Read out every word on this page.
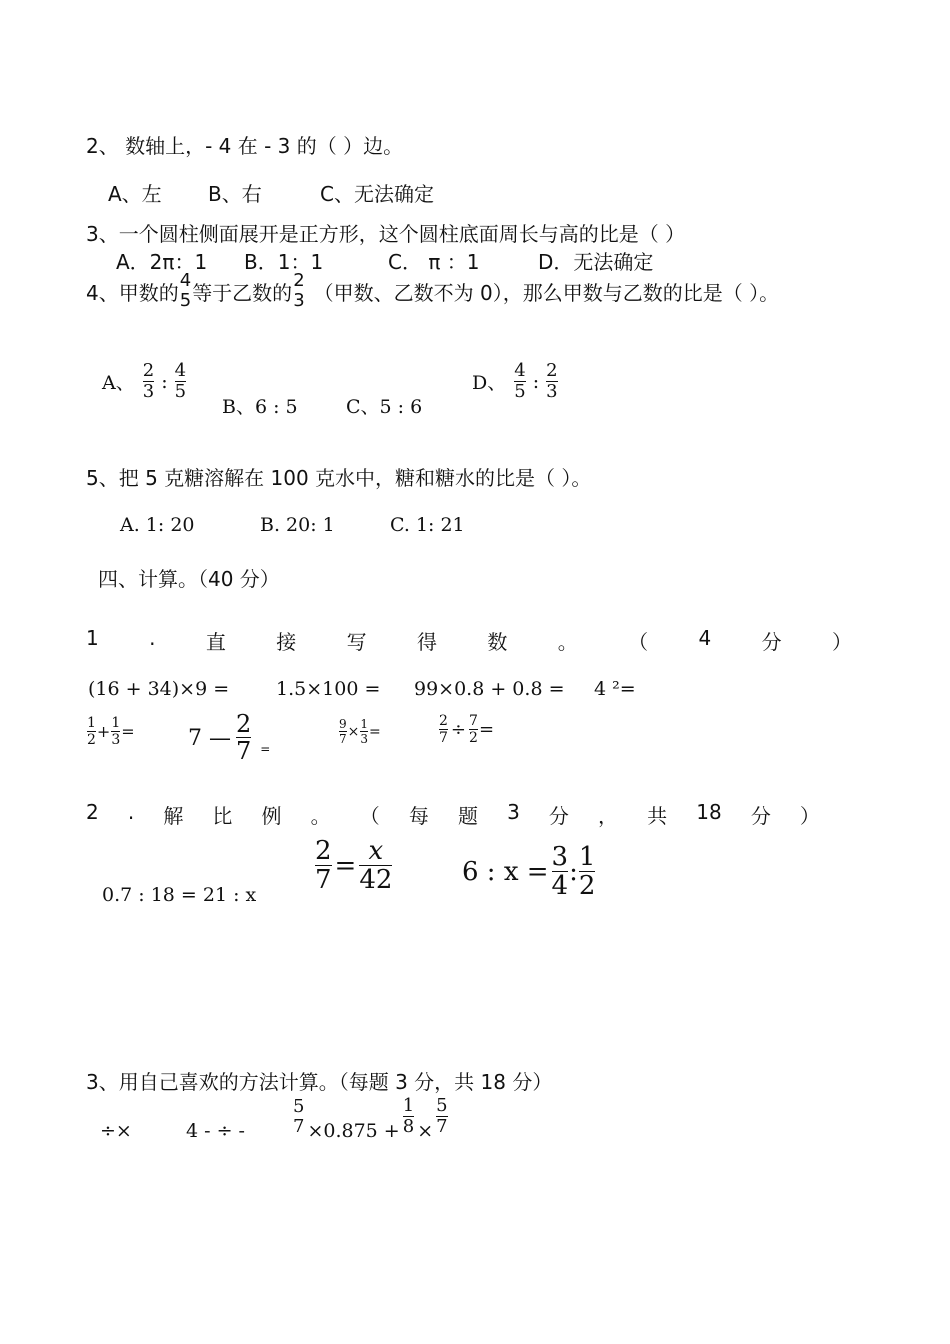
2、 数轴上，- 4 在 - 3 的（ ）边。
A、左 B、右	C、无法确定
3、一个圆柱侧面展开是正方形，这个圆柱底面周长与高的比是（ ）
A．2π：1 B．1：1	C． π ：1	D．无法确定
4、甲数的
4
5 等于乙数的
2
3 （甲数、乙数不为 0），那么甲数与乙数的比是（ ）。
A、
2
3 :
4
5
B、6 : 5	C、5 : 6
D、
4
5 :
2
3
5、把 5 克糖溶解在 100 克水中，糖和糖水的比是（ ）。
A. 1: 20	B. 20: 1	C. 1: 21
四、计算。（40 分）
1	.	直	接	写	得	数	。	（	4	分	）
(16 + 34)×9 = 1.5×100 = 99×0.8 + 0.8 = 4 ²=
1
$2 + \frac{1}{3} = 7$ — $\frac{2}{7}$ =
$\frac{9}{7} \times \frac{1}{3}$ =	$\frac{2}{7} \div \frac{7}{2}$ =
2 . 解 比 例 。 （ 每 题 3 分 ， 共 18 分 ）
0.7 : 18 = 21 : x
$\frac{2}{7} = \frac{x}{42}$	6 : $x = \frac{3}{4}$ :
1
2
3、用自己喜欢的方法计算。（每题 3 分，共 18 分）
÷×	4 - ÷ -
5
$7 \times 0.875 + \frac{1}{8} \times \frac{5}{7}$
